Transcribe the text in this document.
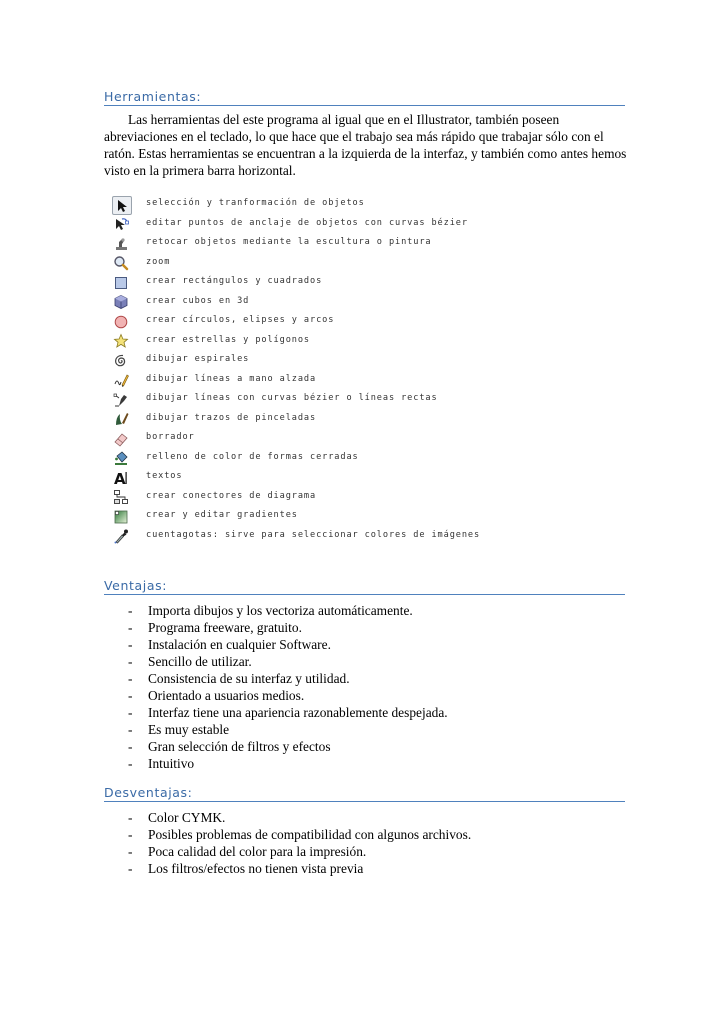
Herramientas:
Las herramientas del este programa al igual que en el Illustrator, también poseen abreviaciones en el teclado, lo que hace que el trabajo sea más rápido que trabajar sólo con el ratón. Estas herramientas se encuentran a la izquierda de la interfaz, y también como antes hemos visto en la primera barra horizontal.
selección y tranformación de objetos
editar puntos de anclaje de objetos con curvas bézier
retocar objetos mediante la escultura o pintura
zoom
crear rectángulos y cuadrados
crear cubos en 3d
crear círculos, elipses y arcos
crear estrellas y polígonos
dibujar espirales
dibujar líneas a mano alzada
dibujar líneas con curvas bézier o líneas rectas
dibujar trazos de pinceladas
borrador
relleno de color de formas cerradas
A textos
crear conectores de diagrama
crear y editar gradientes
cuentagotas: sirve para seleccionar colores de imágenes
Ventajas:
- Importa dibujos y los vectoriza automáticamente.
- Programa freeware, gratuito.
- Instalación en cualquier Software.
- Sencillo de utilizar.
- Consistencia de su interfaz y utilidad.
- Orientado a usuarios medios.
- Interfaz tiene una apariencia razonablemente despejada.
- Es muy estable
- Gran selección de filtros y efectos
- Intuitivo
Desventajas:
- Color CYMK.
- Posibles problemas de compatibilidad con algunos archivos.
- Poca calidad del color para la impresión.
- Los filtros/efectos no tienen vista previa
